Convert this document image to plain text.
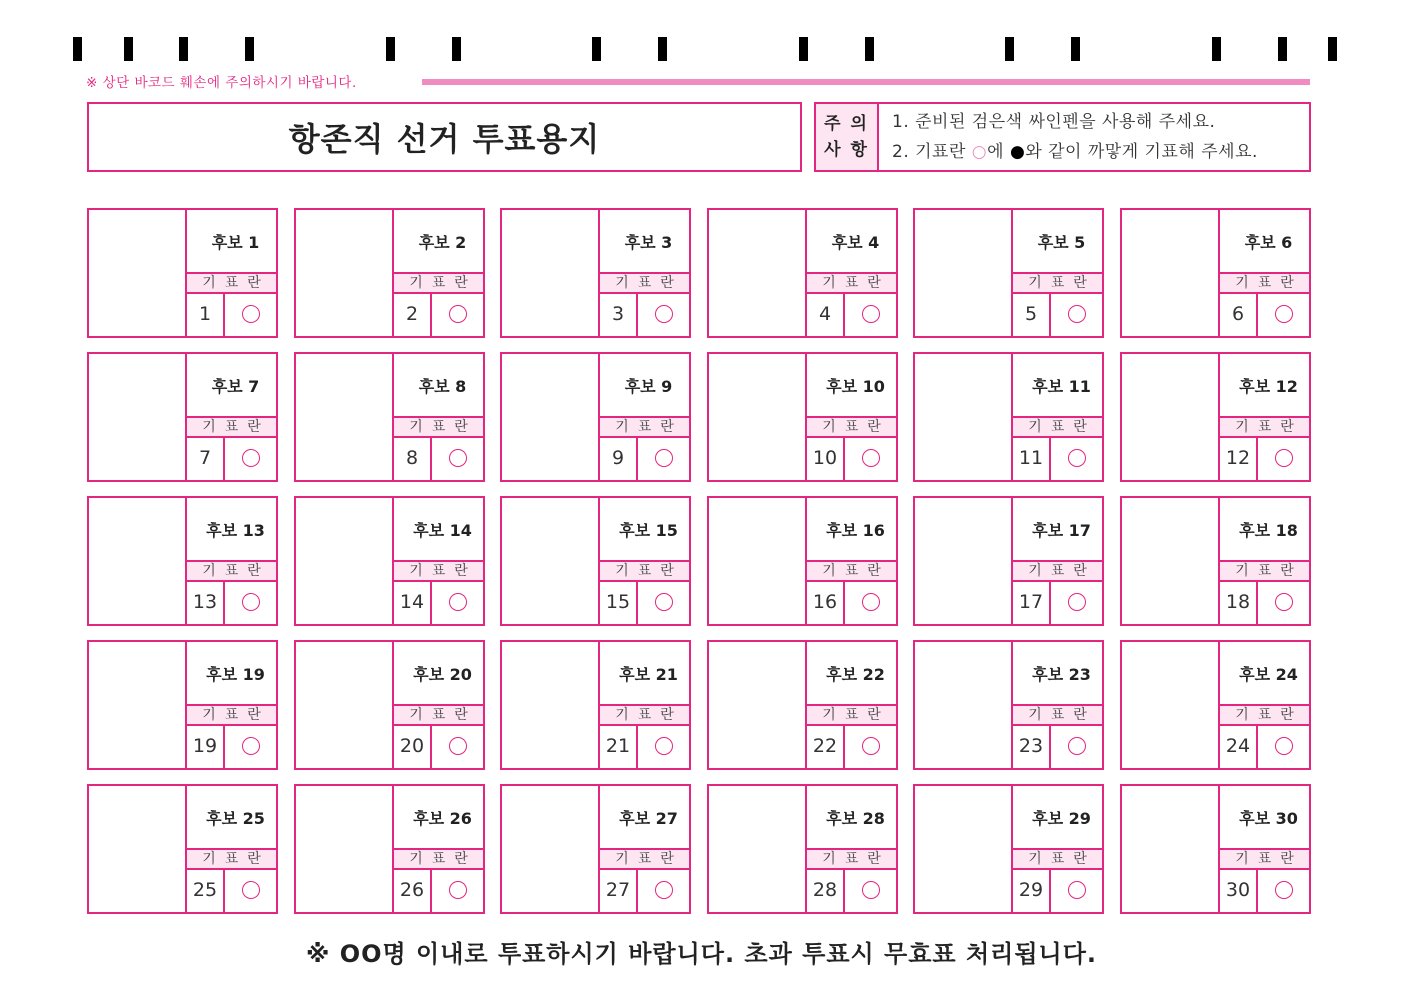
※ 상단 바코드 훼손에 주의하시기 바랍니다.
항존직 선거 투표용지	주 의
사 항
1. 준비된 검은색 싸인펜을 사용해 주세요.
2. 기표란 ○에 ●와 같이 까맣게 기표해 주세요.
후보 1
기표란
1
후보 2
기표란
2
후보 3
기표란
3
후보 4
기표란
4
후보 5
기표란
5
후보 6
기표란
6
후보 7
기표란
7
후보 8
기표란
8
후보 9
기표란
9
후보 10
기표란
10
후보 11
기표란
11
후보 12
기표란
12
후보 13
기표란
13
후보 14
기표란
14
후보 15
기표란
15
후보 16
기표란
16
후보 17
기표란
17
후보 18
기표란
18
후보 19
기표란
19
후보 20
기표란
20
후보 21
기표란
21
후보 22
기표란
22
후보 23
기표란
23
후보 24
기표란
24
후보 25
기표란
25
후보 26
기표란
26
후보 27
기표란
27
후보 28
기표란
28
후보 29
기표란
29
후보 30
기표란
30
※ OO명 이내로 투표하시기 바랍니다. 초과 투표시 무효표 처리됩니다.
